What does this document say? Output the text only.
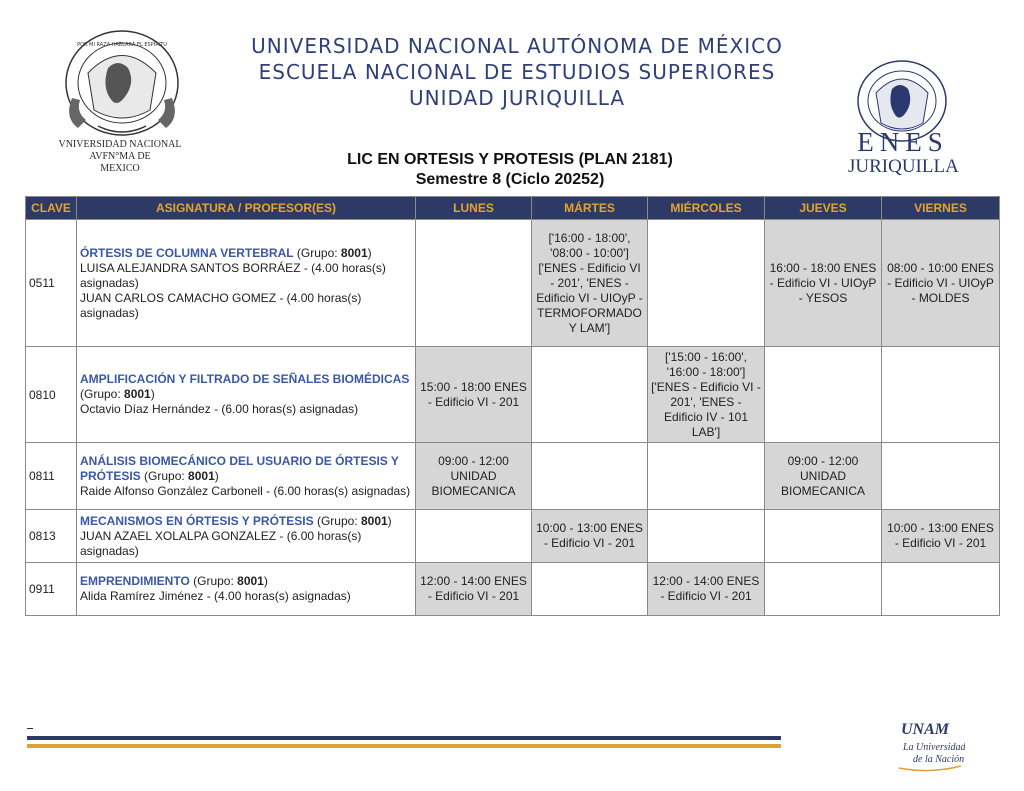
POR MI RAZA HABLARÁ EL ESPÍRITU
VNIVERSIDAD NACIONAL
AVFN°MA DE
MEXICO
UNIVERSIDAD NACIONAL AUTÓNOMA DE MÉXICO
ESCUELA NACIONAL DE ESTUDIOS SUPERIORES
UNIDAD JURIQUILLA
ENES
JURIQUILLA
LIC EN ORTESIS Y PROTESIS (PLAN 2181)
Semestre 8 (Ciclo 20252)
CLAVE	ASIGNATURA / PROFESOR(ES)	LUNES	MÁRTES	MIÉRCOLES	JUEVES	VIERNES
0511	ÓRTESIS DE COLUMNA VERTEBRAL (Grupo: 8001)
LUISA ALEJANDRA SANTOS BORRÁEZ - (4.00 horas(s) asignadas)
JUAN CARLOS CAMACHO GOMEZ - (4.00 horas(s) asignadas)		['16:00 - 18:00', '08:00 - 10:00'] ['ENES - Edificio VI - 201', 'ENES - Edificio VI - UIOyP - TERMOFORMADO Y LAM']		16:00 - 18:00 ENES - Edificio VI - UIOyP - YESOS	08:00 - 10:00 ENES - Edificio VI - UIOyP - MOLDES
0810	AMPLIFICACIÓN Y FILTRADO DE SEÑALES BIOMÉDICAS (Grupo: 8001)
Octavio Díaz Hernández - (6.00 horas(s) asignadas)	15:00 - 18:00 ENES - Edificio VI - 201		['15:00 - 16:00', '16:00 - 18:00'] ['ENES - Edificio VI - 201', 'ENES - Edificio IV - 101 LAB']		
0811	ANÁLISIS BIOMECÁNICO DEL USUARIO DE ÓRTESIS Y PRÓTESIS (Grupo: 8001)
Raide Alfonso González Carbonell - (6.00 horas(s) asignadas)	09:00 - 12:00 UNIDAD BIOMECANICA			09:00 - 12:00 UNIDAD BIOMECANICA	
0813	MECANISMOS EN ÓRTESIS Y PRÓTESIS (Grupo: 8001)
JUAN AZAEL XOLALPA GONZALEZ - (6.00 horas(s) asignadas)		10:00 - 13:00 ENES - Edificio VI - 201			10:00 - 13:00 ENES - Edificio VI - 201
0911	EMPRENDIMIENTO (Grupo: 8001)
Alida Ramírez Jiménez - (4.00 horas(s) asignadas)	12:00 - 14:00 ENES - Edificio VI - 201		12:00 - 14:00 ENES - Edificio VI - 201		
UNAM
La Universidad
de la Nación
